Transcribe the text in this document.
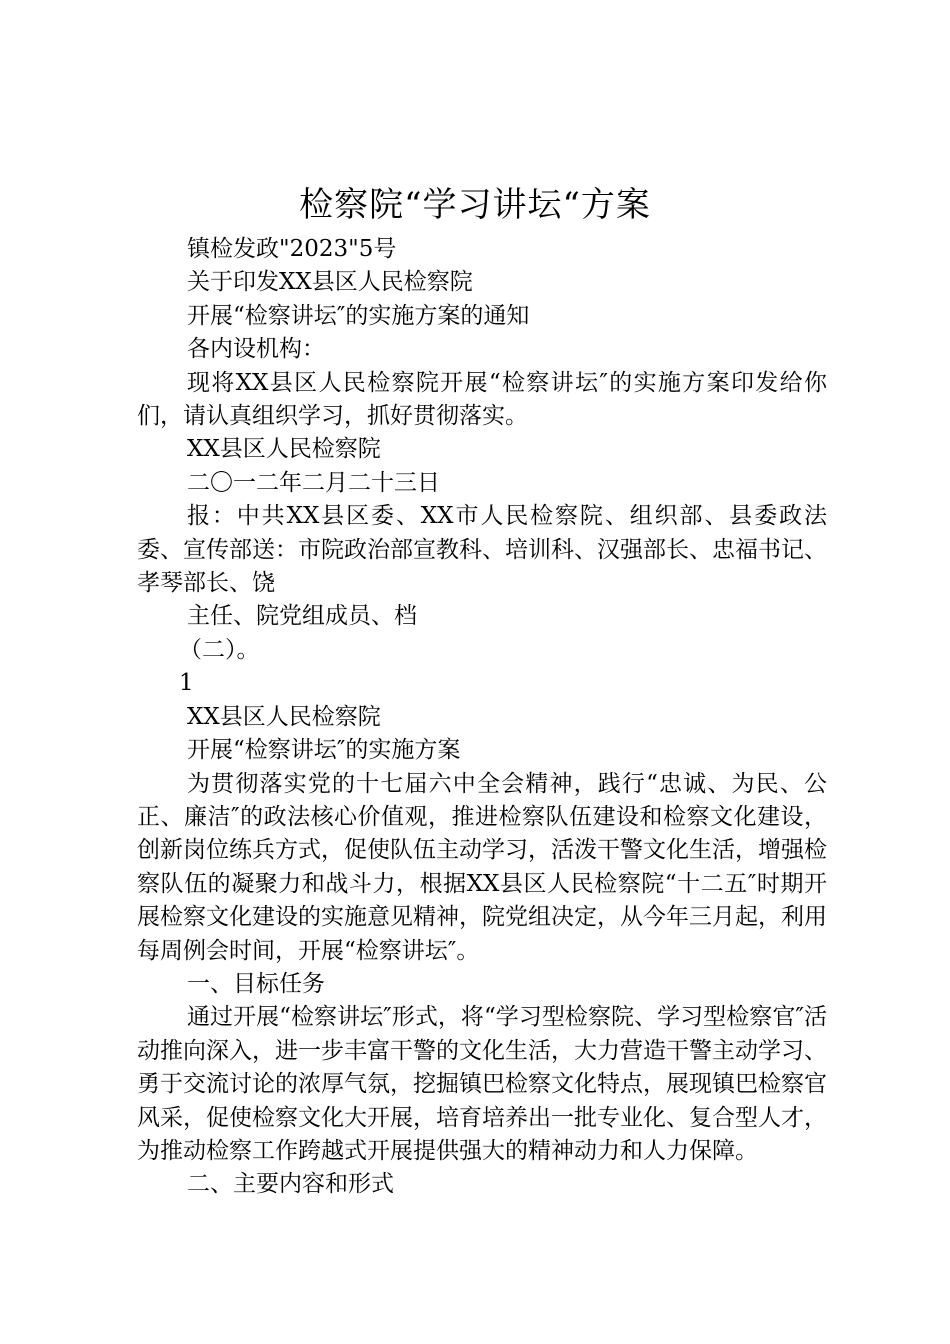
检察院“学习讲坛“方案

镇检发政"2023"5号

关于印发XX县区人民检察院

开展“检察讲坛″的实施方案的通知

各内设机构：

现将XX县区人民检察院开展“检察讲坛″的实施方案印发给你们，请认真组织学习，抓好贯彻落实。

XX县区人民检察院

二〇一二年二月二十三日

报：中共XX县区委、XX市人民检察院、组织部、县委政法委、宣传部送：市院政治部宣教科、培训科、汉强部长、忠福书记、孝琴部长、饶

主任、院党组成员、档

（二）。

1

XX县区人民检察院

开展“检察讲坛″的实施方案

为贯彻落实党的十七届六中全会精神，践行“忠诚、为民、公正、廉洁″的政法核心价值观，推进检察队伍建设和检察文化建设，创新岗位练兵方式，促使队伍主动学习，活泼干警文化生活，增强检察队伍的凝聚力和战斗力，根据XX县区人民检察院“十二五″时期开展检察文化建设的实施意见精神，院党组决定，从今年三月起，利用每周例会时间，开展“检察讲坛″。

一、目标任务

通过开展“检察讲坛″形式，将“学习型检察院、学习型检察官″活动推向深入，进一步丰富干警的文化生活，大力营造干警主动学习、勇于交流讨论的浓厚气氛，挖掘镇巴检察文化特点，展现镇巴检察官风采，促使检察文化大开展，培育培养出一批专业化、复合型人才，为推动检察工作跨越式开展提供强大的精神动力和人力保障。

二、主要内容和形式
